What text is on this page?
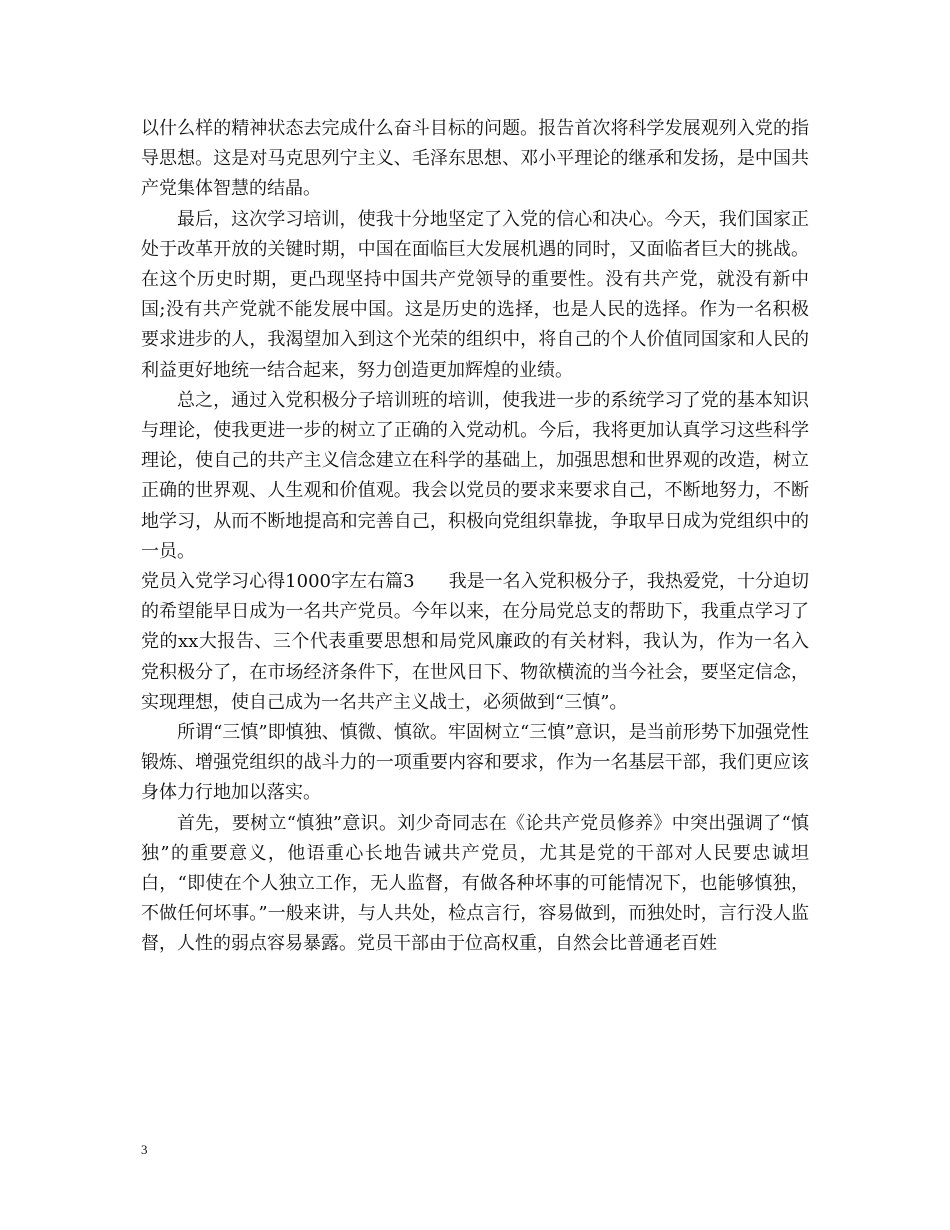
以什么样的精神状态去完成什么奋斗目标的问题。报告首次将科学发展观列入党的指导思想。这是对马克思列宁主义、毛泽东思想、邓小平理论的继承和发扬，是中国共产党集体智慧的结晶。

最后，这次学习培训，使我十分地坚定了入党的信心和决心。今天，我们国家正处于改革开放的关键时期，中国在面临巨大发展机遇的同时，又面临者巨大的挑战。在这个历史时期，更凸现坚持中国共产党领导的重要性。没有共产党，就没有新中国;没有共产党就不能发展中国。这是历史的选择，也是人民的选择。作为一名积极要求进步的人，我渴望加入到这个光荣的组织中，将自己的个人价值同国家和人民的利益更好地统一结合起来，努力创造更加辉煌的业绩。

总之，通过入党积极分子培训班的培训，使我进一步的系统学习了党的基本知识与理论，使我更进一步的树立了正确的入党动机。今后，我将更加认真学习这些科学理论，使自己的共产主义信念建立在科学的基础上，加强思想和世界观的改造，树立正确的世界观、人生观和价值观。我会以党员的要求来要求自己，不断地努力，不断地学习，从而不断地提高和完善自己，积极向党组织靠拢，争取早日成为党组织中的一员。

党员入党学习心得1000字左右篇3 我是一名入党积极分子，我热爱党，十分迫切的希望能早日成为一名共产党员。今年以来，在分局党总支的帮助下，我重点学习了党的xx大报告、三个代表重要思想和局党风廉政的有关材料，我认为，作为一名入党积极分了，在市场经济条件下，在世风日下、物欲横流的当今社会，要坚定信念，实现理想，使自己成为一名共产主义战士，必须做到“三慎”。

所谓“三慎”即慎独、慎微、慎欲。牢固树立“三慎”意识，是当前形势下加强党性锻炼、增强党组织的战斗力的一项重要内容和要求，作为一名基层干部，我们更应该身体力行地加以落实。

首先，要树立“慎独”意识。刘少奇同志在《论共产党员修养》中突出强调了“慎独”的重要意义，他语重心长地告诫共产党员，尤其是党的干部对人民要忠诚坦白，“即使在个人独立工作，无人监督，有做各种坏事的可能情况下，也能够慎独，不做任何坏事。”一般来讲，与人共处，检点言行，容易做到，而独处时，言行没人监督，人性的弱点容易暴露。党员干部由于位高权重，自然会比普通老百姓

3
